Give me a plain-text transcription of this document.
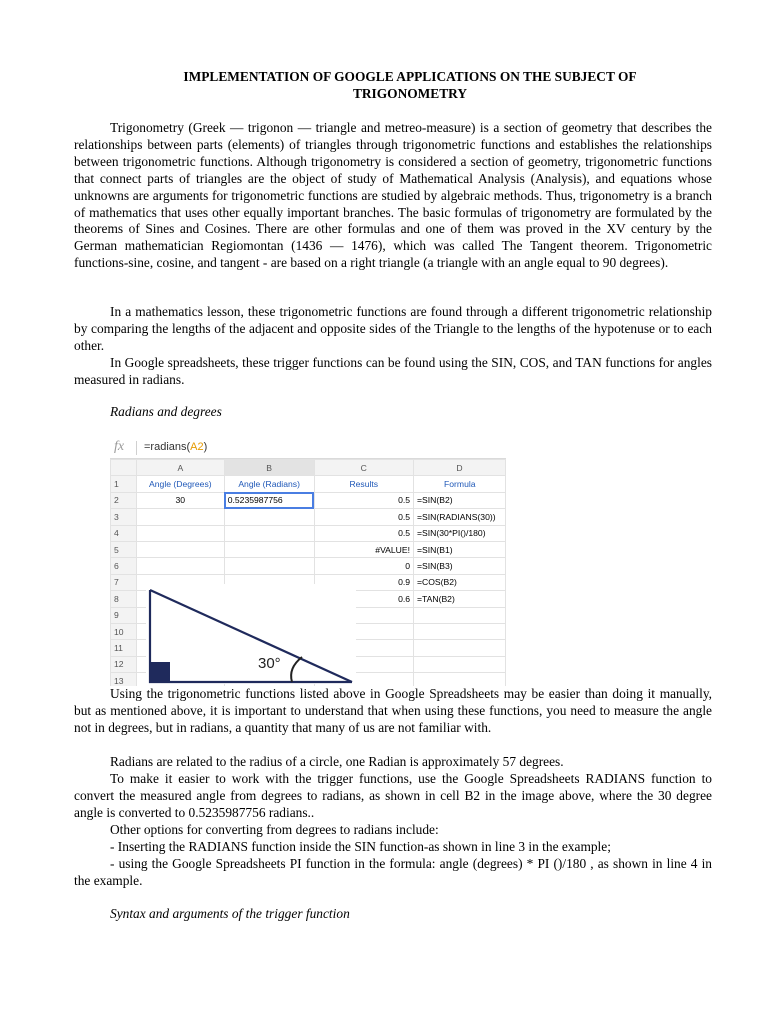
IMPLEMENTATION OF GOOGLE APPLICATIONS ON THE SUBJECT OF TRIGONOMETRY

Trigonometry (Greek — trigonon — triangle and metreo-measure) is a section of geometry that describes the relationships between parts (elements) of triangles through trigonometric functions and establishes the relationships between trigonometric functions. Although trigonometry is considered a section of geometry, trigonometric functions that connect parts of triangles are the object of study of Mathematical Analysis (Analysis), and equations whose unknowns are arguments for trigonometric functions are studied by algebraic methods. Thus, trigonometry is a branch of mathematics that uses other equally important branches. The basic formulas of trigonometry are formulated by the theorems of Sines and Cosines. There are other formulas and one of them was proved in the XV century by the German mathematician Regiomontan (1436 — 1476), which was called The Tangent theorem. Trigonometric functions-sine, cosine, and tangent - are based on a right triangle (a triangle with an angle equal to 90 degrees).

In a mathematics lesson, these trigonometric functions are found through a different trigonometric relationship by comparing the lengths of the adjacent and opposite sides of the Triangle to the lengths of the hypotenuse or to each other.

In Google spreadsheets, these trigger functions can be found using the SIN, COS, and TAN functions for angles measured in radians.

Radians and degrees
fx =radians(A2)
	A	B	C	D
1	Angle (Degrees)	Angle (Radians)	Results	Formula
2	30	0.5235987756	0.5	=SIN(B2)
3			0.5	=SIN(RADIANS(30))
4			0.5	=SIN(30*PI()/180)
5			#VALUE!	=SIN(B1)
6			0	=SIN(B3)
7			0.9	=COS(B2)
8			0.6	=TAN(B2)
9				
10				
11				
12				
13				
30°

Using the trigonometric functions listed above in Google Spreadsheets may be easier than doing it manually, but as mentioned above, it is important to understand that when using these functions, you need to measure the angle not in degrees, but in radians, a quantity that many of us are not familiar with.

Radians are related to the radius of a circle, one Radian is approximately 57 degrees.

To make it easier to work with the trigger functions, use the Google Spreadsheets RADIANS function to convert the measured angle from degrees to radians, as shown in cell B2 in the image above, where the 30 degree angle is converted to 0.5235987756 radians..

Other options for converting from degrees to radians include:

- Inserting the RADIANS function inside the SIN function-as shown in line 3 in the example;

- using the Google Spreadsheets PI function in the formula: angle (degrees) * PI ()/180 , as shown in line 4 in the example.

Syntax and arguments of the trigger function
